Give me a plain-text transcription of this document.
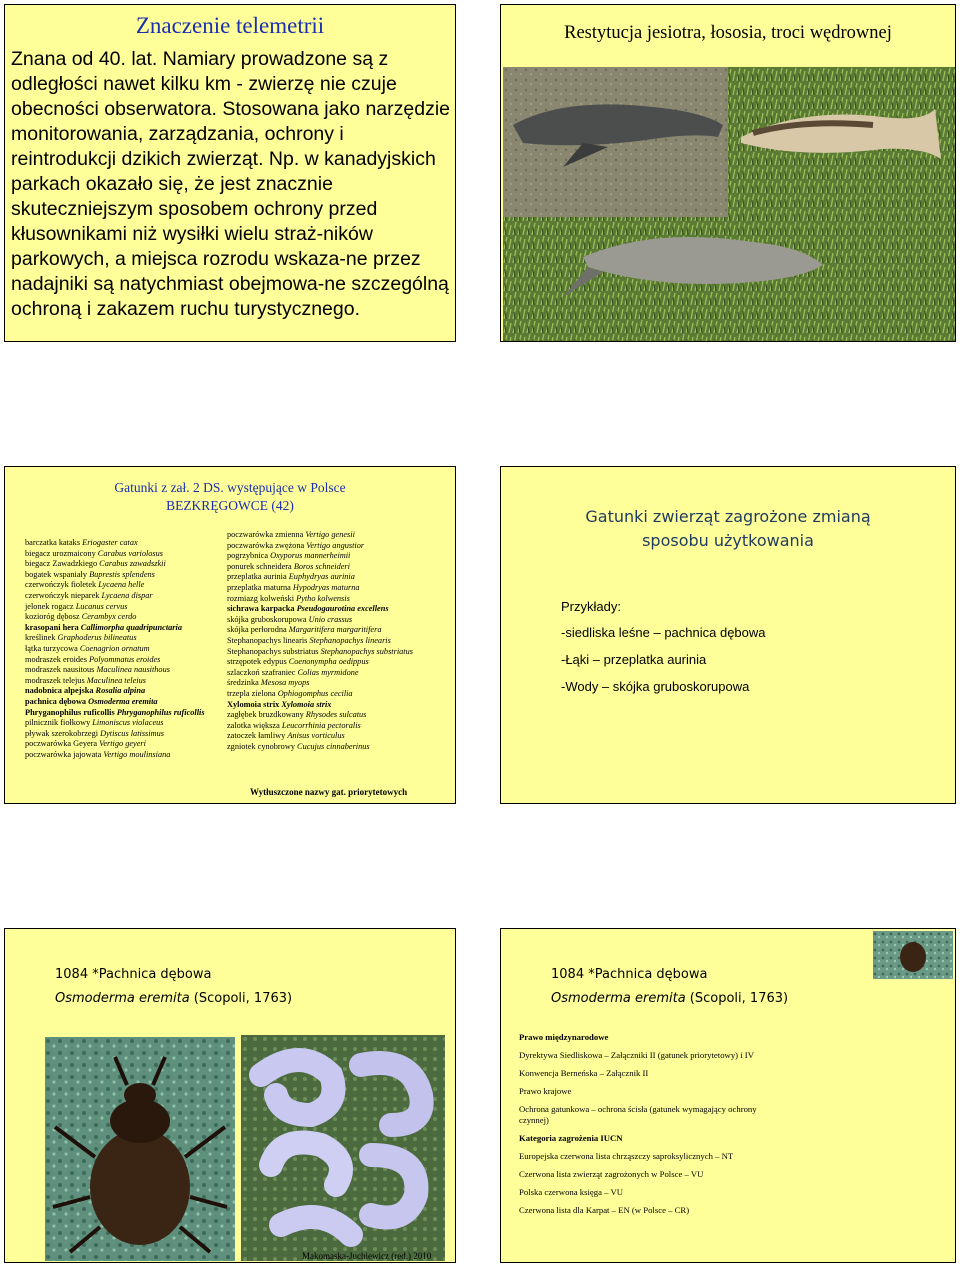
Znaczenie telemetrii
Znana od 40. lat. Namiary prowadzone są z odległości nawet kilku km - zwierzę nie czuje obecności obserwatora. Stosowana jako narzędzie monitorowania, zarządzania, ochrony i reintrodukcji dzikich zwierząt. Np. w kanadyjskich parkach okazało się, że jest znacznie skuteczniejszym sposobem ochrony przed kłusownikami niż wysiłki wielu straż-ników parkowych, a miejsca rozrodu wskaza-ne przez nadajniki są natychmiast obejmowa-ne szczególną ochroną i zakazem ruchu turystycznego.
Restytucja jesiotra, łososia, troci wędrownej
Gatunki z zał. 2 DS. występujące w Polsce
BEZKRĘGOWCE (42)
barczatka kataks Eriogaster catax
biegacz urozmaicony Carabus variolosus
biegacz Zawadzkiego Carabus zawadszkii
bogatek wspaniały Buprestis splendens
czerwończyk fioletek Lycaena helle
czerwończyk nieparek Lycaena dispar
jelonek rogacz Lucanus cervus
kozioróg dębosz Cerambyx cerdo
krasopani hera Callimorpha quadripunctaria
kreślinek Graphoderus bilineatus
łątka turzycowa Coenagrion ornatum
modraszek eroides Polyommatus eroides
modraszek nausitous Maculinea nausithous
modraszek telejus Maculinea teleius
nadobnica alpejska Rosalia alpina
pachnica dębowa Osmoderma eremita
Phryganophilus ruficollis Phryganophilus ruficollis
pilnicznik fiołkowy Limoniscus violaceus
pływak szerokobrzegi Dytiscus latissimus
poczwarówka Geyera Vertigo geyeri
poczwarówka jajowata Vertigo moulinsiana
poczwarówka zmienna Vertigo genesii
poczwarówka zwężona Vertigo angustior
pogrzybnica Oxyporus mannerheimii
ponurek schneidera Boros schneideri
przeplatka aurinia Euphydryas aurinia
przeplatka maturna Hypodryas maturna
rozmiazg kolweński Pytho kolwensis
sichrawa karpacka Pseudogaurotina excellens
skójka gruboskorupowa Unio crassus
skójka perłorodna Margaritifera margaritifera
Stephanopachys linearis Stephanopachys linearis
Stephanopachys substriatus Stephanopachys substriatus
strzępotek edypus Coenonympha oedippus
szlaczkoń szafraniec Colias myrmidone
średzinka Mesosa myops
trzepla zielona Ophiogomphus cecilia
Xylomoia strix Xylomoia strix
zagłębek bruzdkowany Rhysodes sulcatus
zalotka większa Leucorrhinia pectoralis
zatoczek łamliwy Anisus vorticulus
zgniotek cynobrowy Cucujus cinnaberinus
Wytłuszczone nazwy gat. priorytetowych
Gatunki zwierząt zagrożone zmianą
sposobu użytkowania
Przykłady:
-siedliska leśne – pachnica dębowa
-Łąki – przeplatka aurinia
-Wody – skójka gruboskorupowa
1084 *Pachnica dębowa
Osmoderma eremita (Scopoli, 1763)
Makomaska-Juchiewicz (red.) 2010
1084 *Pachnica dębowa
Osmoderma eremita (Scopoli, 1763)
Prawo międzynarodowe
Dyrektywa Siedliskowa – Załączniki II (gatunek priorytetowy) i IV
Konwencja Berneńska – Załącznik II
Prawo krajowe
Ochrona gatunkowa – ochrona ścisła (gatunek wymagający ochrony czynnej)
Kategoria zagrożenia IUCN
Europejska czerwona lista chrząszczy saproksylicznych – NT
Czerwona lista zwierząt zagrożonych w Polsce – VU
Polska czerwona księga – VU
Czerwona lista dla Karpat – EN (w Polsce – CR)
